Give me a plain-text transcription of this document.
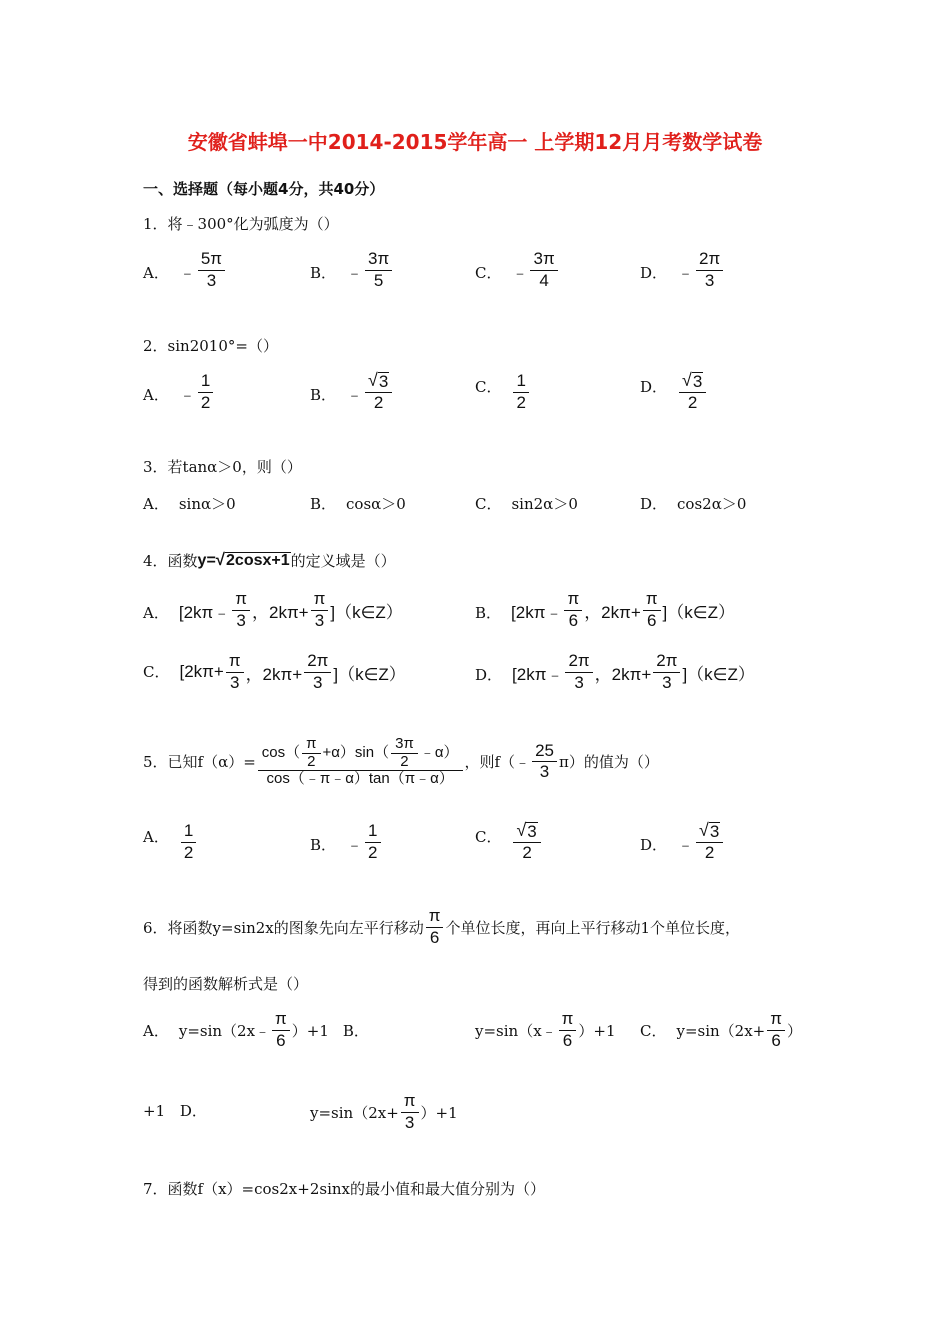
安徽省蚌埠一中2014-2015学年高一 上学期12月月考数学试卷
一、选择题（每小题4分，共40分）
1．将﹣300°化为弧度为（）
A． ﹣ $\frac{5\pi}{3}$	B． ﹣ $\frac{3\pi}{5}$	C． ﹣ $\frac{3\pi}{4}$	D． ﹣ $\frac{2\pi}{3}$
2．sin2010°=（）
A． ﹣ $\frac{1}{2}$	B． ﹣ $\frac{√ 3}{2}$	C． $\frac{1}{2}$	D． $\frac{√ 3}{2}$
3．若tanα＞0，则（）
A． sinα＞0	B． cosα＞0	C． sin2α＞0	D． cos2α＞0
4．函数 y= √ 2cosx+1 的定义域是（）
A． [2kπ﹣ $\frac{\pi}{3}$ ，$2k\pi+ \frac{\pi}{3}$ ]（k∈Z）	B． [2kπ﹣ $\frac{\pi}{6}$ ，$2k\pi+ \frac{\pi}{6}$ ]（k∈Z）
C． [$2k\pi+ \frac{\pi}{3}$ ，$2k\pi+ \frac{2\pi}{3}$ ]（k∈Z）	D． [2kπ﹣ $\frac{2\pi}{3}$ ，$2k\pi+ \frac{2\pi}{3}$ ]（k∈Z）
5．已知$f(\alpha)= \frac{\cos( \frac{\pi}{2} +\alpha)\sin( \frac{3\pi}{2} ﹣\alpha)}{\cos(﹣\pi﹣\alpha)\tan(\pi﹣\alpha)}$ ，则f（﹣ $\frac{25}{3} \pi$）的值为（）
A． $\frac{1}{2}$	B． ﹣ $\frac{1}{2}$	C． $\frac{√ 3}{2}$	D． ﹣ $\frac{√ 3}{2}$
6．将函数y=sin2x的图象先向左平行移动 $\frac{\pi}{6}$ 个单位长度，再向上平行移动1个单位长度，
得到的函数解析式是（）
A． y=sin（2x﹣ $\frac{\pi}{6} )+1$ B．	y=sin（x﹣ $\frac{\pi}{6} )+1$ C． $y=\sin(2x+ \frac{\pi}{6}$ ）
+1 D．	$y=\sin(2x+ \frac{\pi}{3} )+1$
7．函数f（x）=cos2x+2sinx的最小值和最大值分别为（）
